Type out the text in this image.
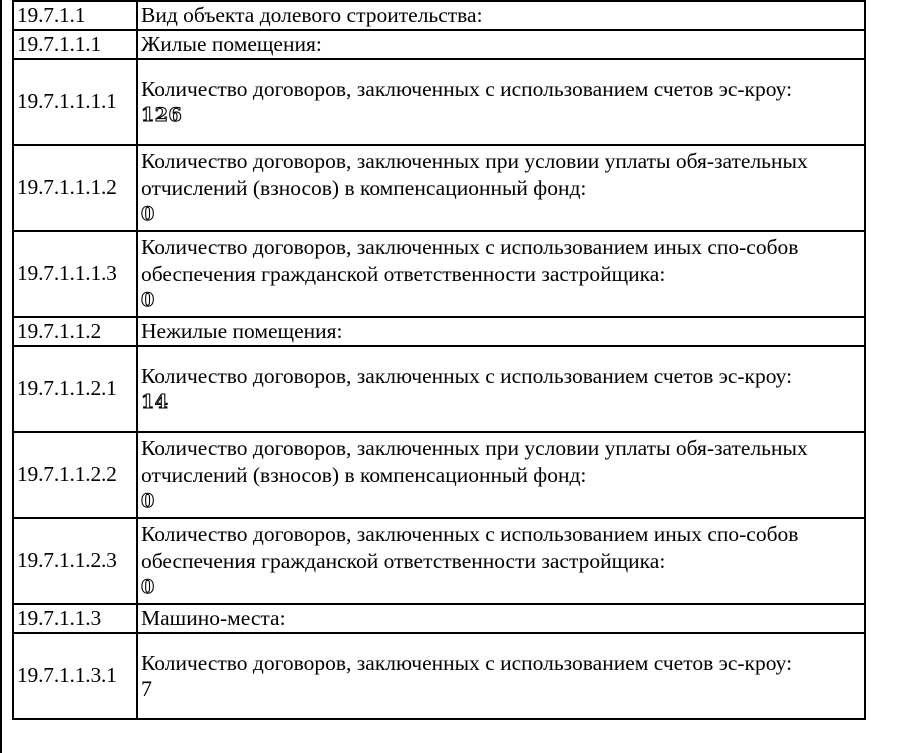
19.7.1.1	Вид объекта долевого строительства:
19.7.1.1.1	Жилые помещения:
19.7.1.1.1.1	Количество договоров, заключенных с использованием счетов эс-кроу:
126

19.7.1.1.1.2	Количество договоров, заключенных при условии уплаты обя-зательных отчислений (взносов) в компенсационный фонд:
0

19.7.1.1.1.3	Количество договоров, заключенных с использованием иных спо-собов обеспечения гражданской ответственности застройщика:
0

19.7.1.1.2	Нежилые помещения:
19.7.1.1.2.1	Количество договоров, заключенных с использованием счетов эс-кроу:
14

19.7.1.1.2.2	Количество договоров, заключенных при условии уплаты обя-зательных отчислений (взносов) в компенсационный фонд:
0

19.7.1.1.2.3	Количество договоров, заключенных с использованием иных спо-собов обеспечения гражданской ответственности застройщика:
0

19.7.1.1.3	Машино-места:
19.7.1.1.3.1	Количество договоров, заключенных с использованием счетов эс-кроу:
7
